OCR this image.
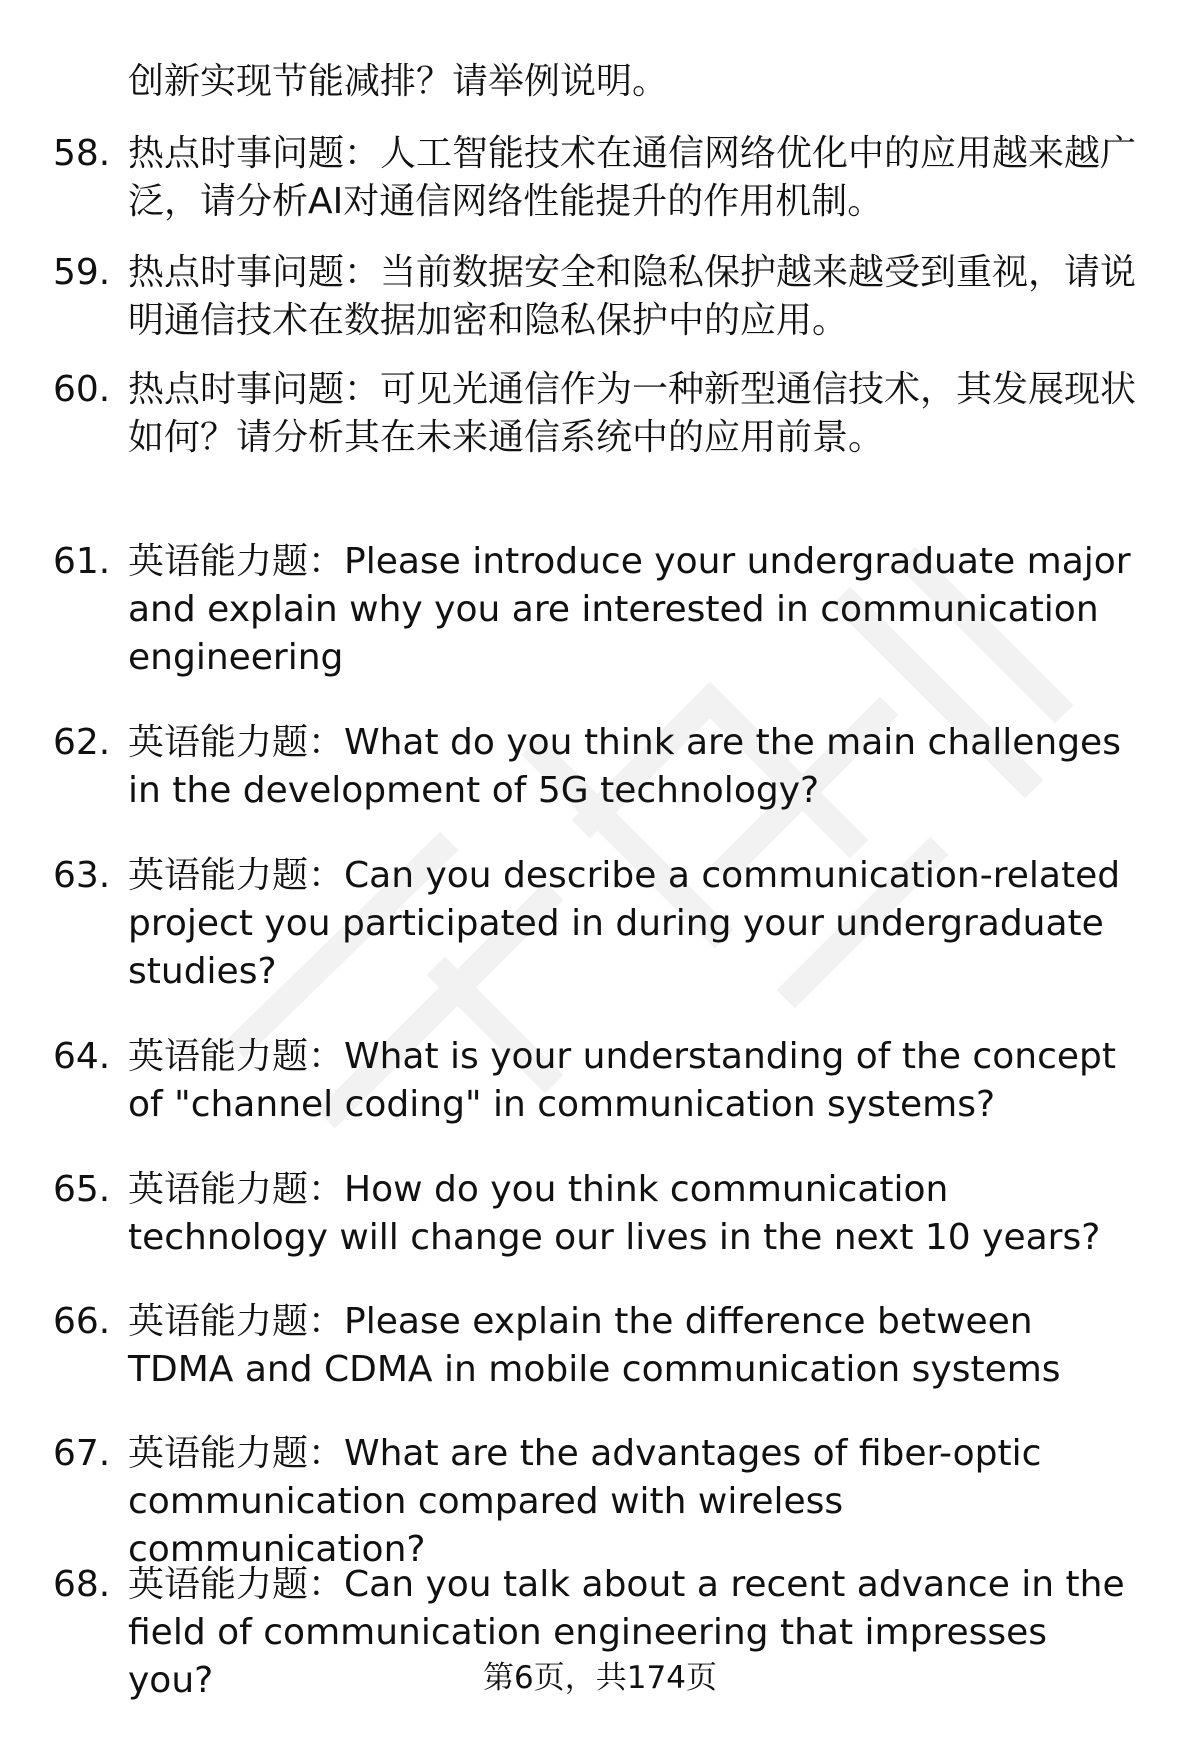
创新实现节能减排？请举例说明。
58. 热点时事问题：人工智能技术在通信网络优化中的应用越来越广泛，请分析AI对通信网络性能提升的作用机制。
59. 热点时事问题：当前数据安全和隐私保护越来越受到重视，请说明通信技术在数据加密和隐私保护中的应用。
60. 热点时事问题：可见光通信作为一种新型通信技术，其发展现状如何？请分析其在未来通信系统中的应用前景。
61. 英语能力题：Please introduce your undergraduate major and explain why you are interested in communication engineering
62. 英语能力题：What do you think are the main challenges in the development of 5G technology?
63. 英语能力题：Can you describe a communication-related project you participated in during your undergraduate studies?
64. 英语能力题：What is your understanding of the concept of "channel coding" in communication systems?
65. 英语能力题：How do you think communication technology will change our lives in the next 10 years?
66. 英语能力题：Please explain the difference between TDMA and CDMA in mobile communication systems
67. 英语能力题：What are the advantages of fiber-optic communication compared with wireless communication?
68. 英语能力题：Can you talk about a recent advance in the field of communication engineering that impresses you?	第6页，共174页
